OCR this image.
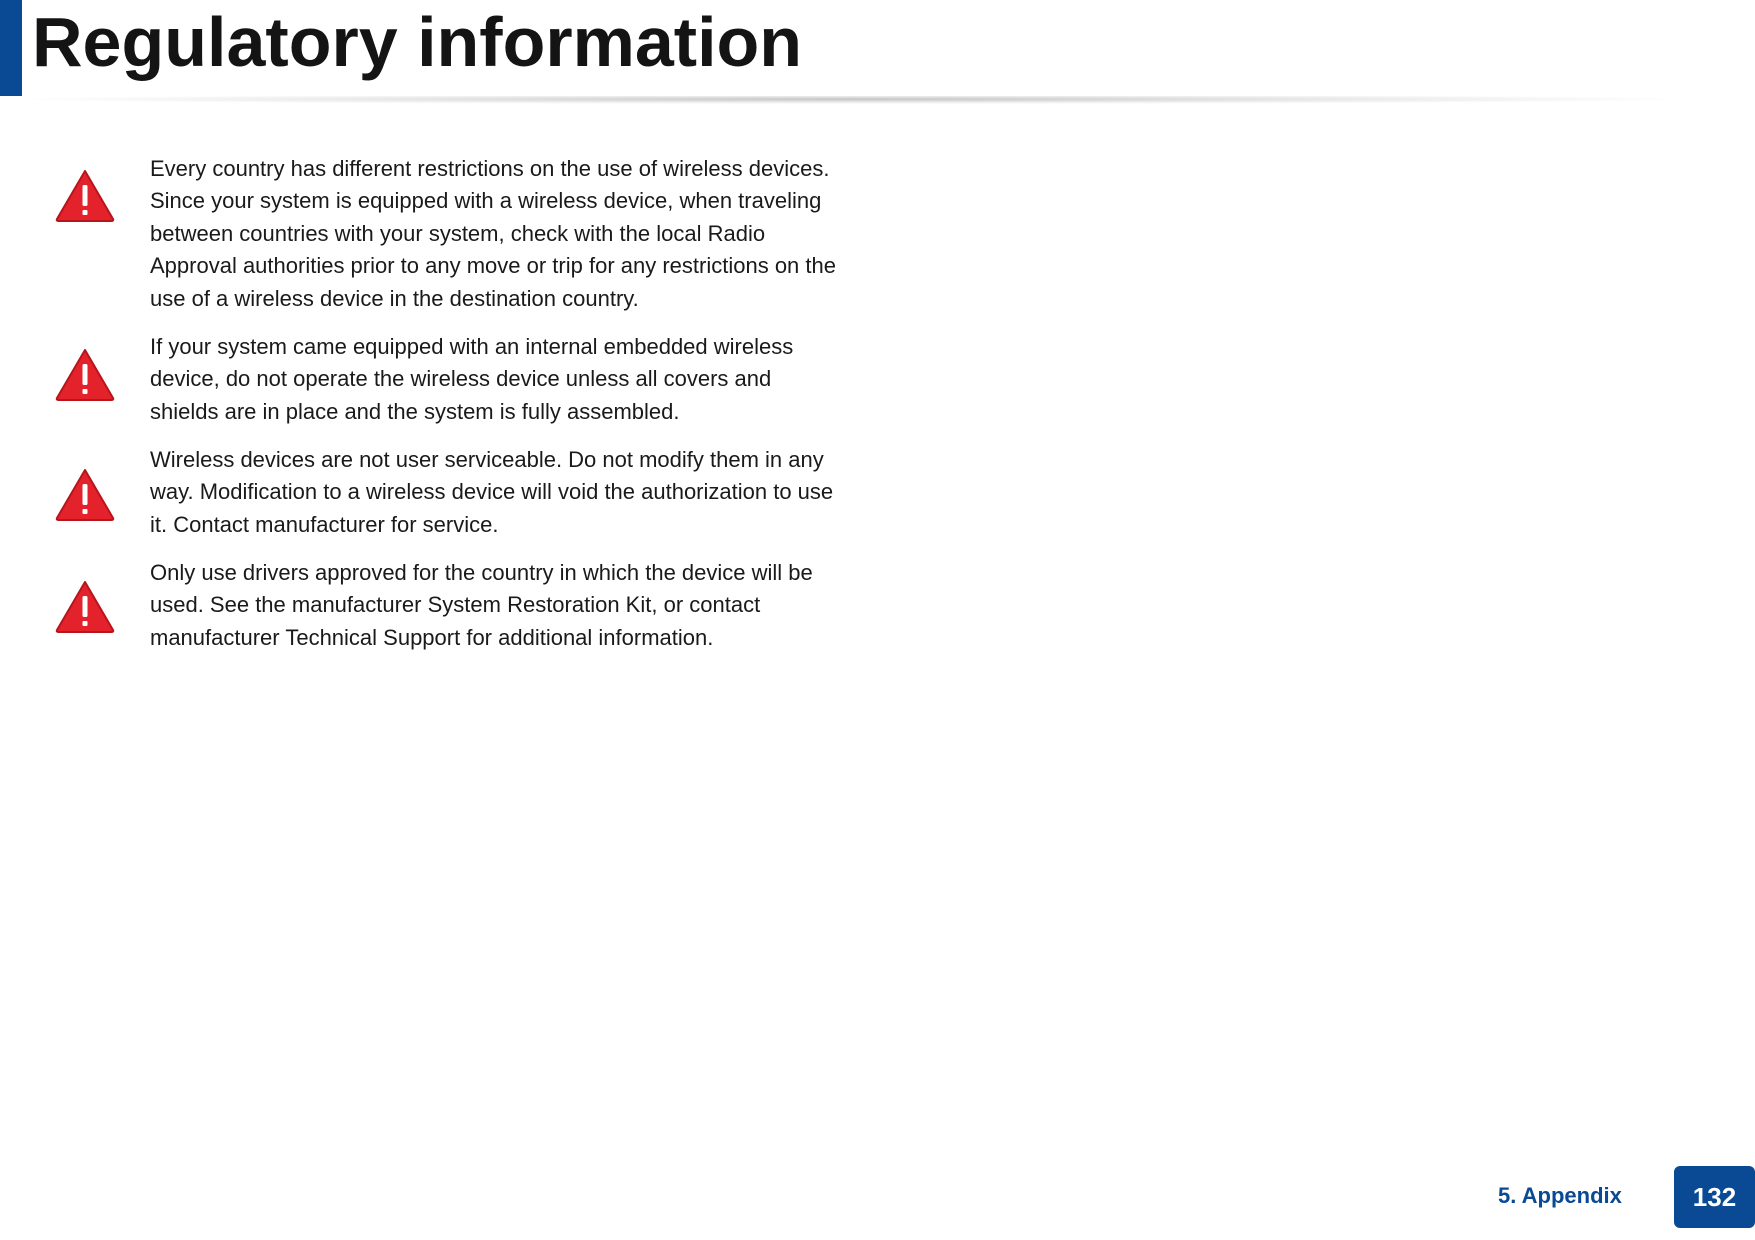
Regulatory information

Every country has different restrictions on the use of wireless devices. Since your system is equipped with a wireless device, when traveling between countries with your system, check with the local Radio Approval authorities prior to any move or trip for any restrictions on the use of a wireless device in the destination country.

If your system came equipped with an internal embedded wireless device, do not operate the wireless device unless all covers and shields are in place and the system is fully assembled.

Wireless devices are not user serviceable. Do not modify them in any way. Modification to a wireless device will void the authorization to use it. Contact manufacturer for service.

Only use drivers approved for the country in which the device will be used. See the manufacturer System Restoration Kit, or contact manufacturer Technical Support for additional information.

5. Appendix	132
